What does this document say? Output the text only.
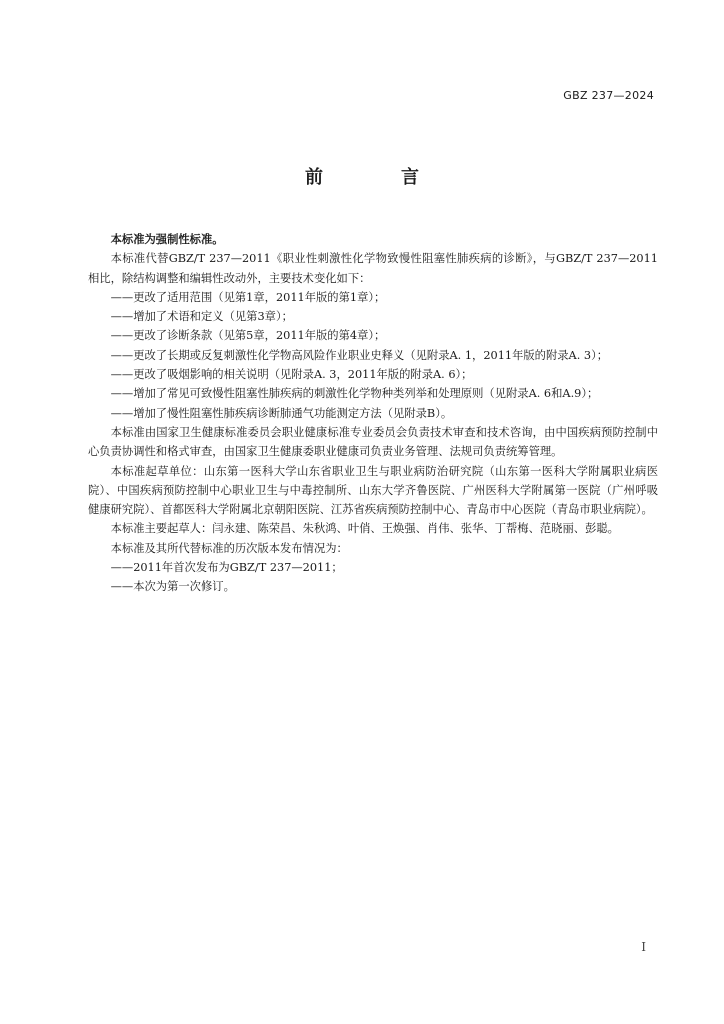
GBZ 237—2024
前　言

本标准为强制性标准。

本标准代替GBZ/T 237—2011《职业性刺激性化学物致慢性阻塞性肺疾病的诊断》，与GBZ/T 237—2011相比，除结构调整和编辑性改动外，主要技术变化如下：

——更改了适用范围（见第1章，2011年版的第1章）；

——增加了术语和定义（见第3章）；

——更改了诊断条款（见第5章，2011年版的第4章）；

——更改了长期或反复刺激性化学物高风险作业职业史释义（见附录A. 1，2011年版的附录A. 3）；

——更改了吸烟影响的相关说明（见附录A. 3，2011年版的附录A. 6）；

——增加了常见可致慢性阻塞性肺疾病的刺激性化学物种类列举和处理原则（见附录A. 6和A.9）；

——增加了慢性阻塞性肺疾病诊断肺通气功能测定方法（见附录B）。

本标准由国家卫生健康标准委员会职业健康标准专业委员会负责技术审查和技术咨询，由中国疾病预防控制中心负责协调性和格式审查，由国家卫生健康委职业健康司负责业务管理、法规司负责统筹管理。

本标准起草单位：山东第一医科大学山东省职业卫生与职业病防治研究院（山东第一医科大学附属职业病医院）、中国疾病预防控制中心职业卫生与中毒控制所、山东大学齐鲁医院、广州医科大学附属第一医院（广州呼吸健康研究院）、首都医科大学附属北京朝阳医院、江苏省疾病预防控制中心、青岛市中心医院（青岛市职业病院）。

本标准主要起草人：闫永建、陈荣昌、朱秋鸿、叶俏、王焕强、肖伟、张华、丁帮梅、范晓丽、彭聪。

本标准及其所代替标准的历次版本发布情况为：

——2011年首次发布为GBZ/T 237—2011；

——本次为第一次修订。

I
